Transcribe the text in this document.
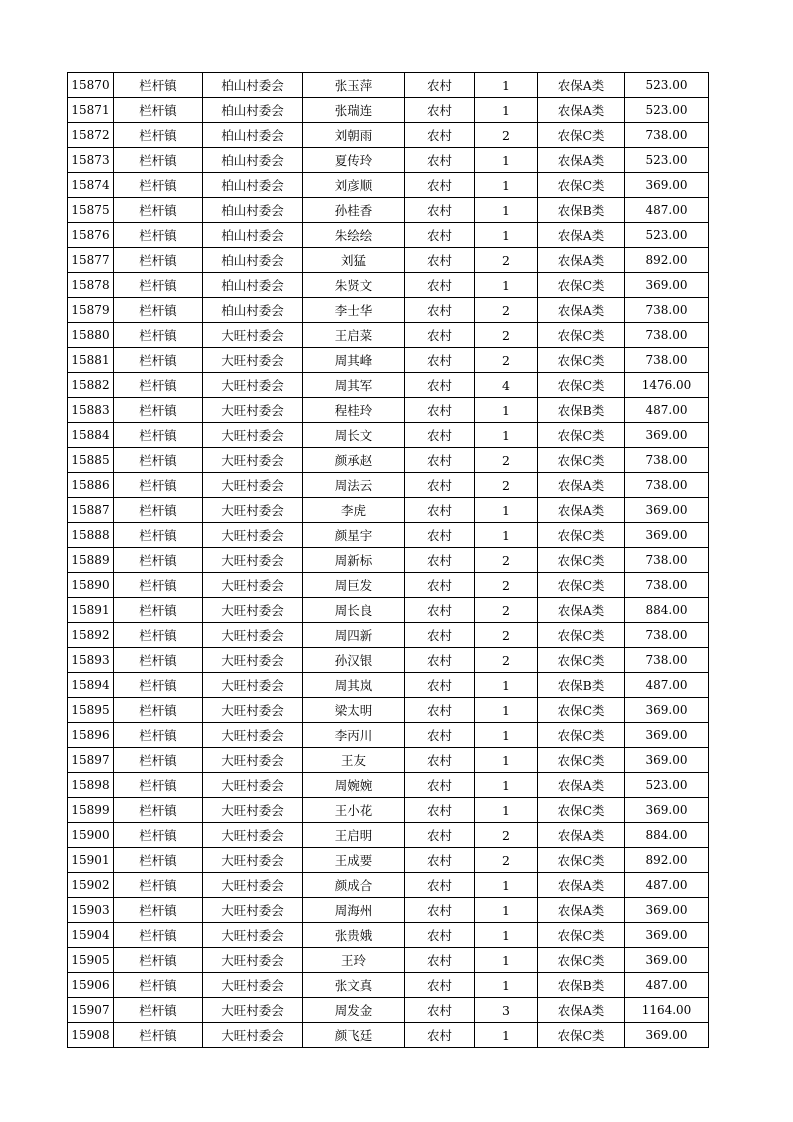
15870	栏杆镇	柏山村委会	张玉萍	农村	1	农保A类	523.00
15871	栏杆镇	柏山村委会	张瑞连	农村	1	农保A类	523.00
15872	栏杆镇	柏山村委会	刘朝雨	农村	2	农保C类	738.00
15873	栏杆镇	柏山村委会	夏传玲	农村	1	农保A类	523.00
15874	栏杆镇	柏山村委会	刘彦顺	农村	1	农保C类	369.00
15875	栏杆镇	柏山村委会	孙桂香	农村	1	农保B类	487.00
15876	栏杆镇	柏山村委会	朱绘绘	农村	1	农保A类	523.00
15877	栏杆镇	柏山村委会	刘猛	农村	2	农保A类	892.00
15878	栏杆镇	柏山村委会	朱贤文	农村	1	农保C类	369.00
15879	栏杆镇	柏山村委会	李士华	农村	2	农保A类	738.00
15880	栏杆镇	大旺村委会	王启菜	农村	2	农保C类	738.00
15881	栏杆镇	大旺村委会	周其峰	农村	2	农保C类	738.00
15882	栏杆镇	大旺村委会	周其军	农村	4	农保C类	1476.00
15883	栏杆镇	大旺村委会	程桂玲	农村	1	农保B类	487.00
15884	栏杆镇	大旺村委会	周长文	农村	1	农保C类	369.00
15885	栏杆镇	大旺村委会	颜承赵	农村	2	农保C类	738.00
15886	栏杆镇	大旺村委会	周法云	农村	2	农保A类	738.00
15887	栏杆镇	大旺村委会	李虎	农村	1	农保A类	369.00
15888	栏杆镇	大旺村委会	颜星宇	农村	1	农保C类	369.00
15889	栏杆镇	大旺村委会	周新标	农村	2	农保C类	738.00
15890	栏杆镇	大旺村委会	周巨发	农村	2	农保C类	738.00
15891	栏杆镇	大旺村委会	周长良	农村	2	农保A类	884.00
15892	栏杆镇	大旺村委会	周四新	农村	2	农保C类	738.00
15893	栏杆镇	大旺村委会	孙汉银	农村	2	农保C类	738.00
15894	栏杆镇	大旺村委会	周其岚	农村	1	农保B类	487.00
15895	栏杆镇	大旺村委会	梁太明	农村	1	农保C类	369.00
15896	栏杆镇	大旺村委会	李丙川	农村	1	农保C类	369.00
15897	栏杆镇	大旺村委会	王友	农村	1	农保C类	369.00
15898	栏杆镇	大旺村委会	周婉婉	农村	1	农保A类	523.00
15899	栏杆镇	大旺村委会	王小花	农村	1	农保C类	369.00
15900	栏杆镇	大旺村委会	王启明	农村	2	农保A类	884.00
15901	栏杆镇	大旺村委会	王成要	农村	2	农保C类	892.00
15902	栏杆镇	大旺村委会	颜成合	农村	1	农保A类	487.00
15903	栏杆镇	大旺村委会	周海州	农村	1	农保A类	369.00
15904	栏杆镇	大旺村委会	张贵娥	农村	1	农保C类	369.00
15905	栏杆镇	大旺村委会	王玲	农村	1	农保C类	369.00
15906	栏杆镇	大旺村委会	张文真	农村	1	农保B类	487.00
15907	栏杆镇	大旺村委会	周发金	农村	3	农保A类	1164.00
15908	栏杆镇	大旺村委会	颜飞廷	农村	1	农保C类	369.00
